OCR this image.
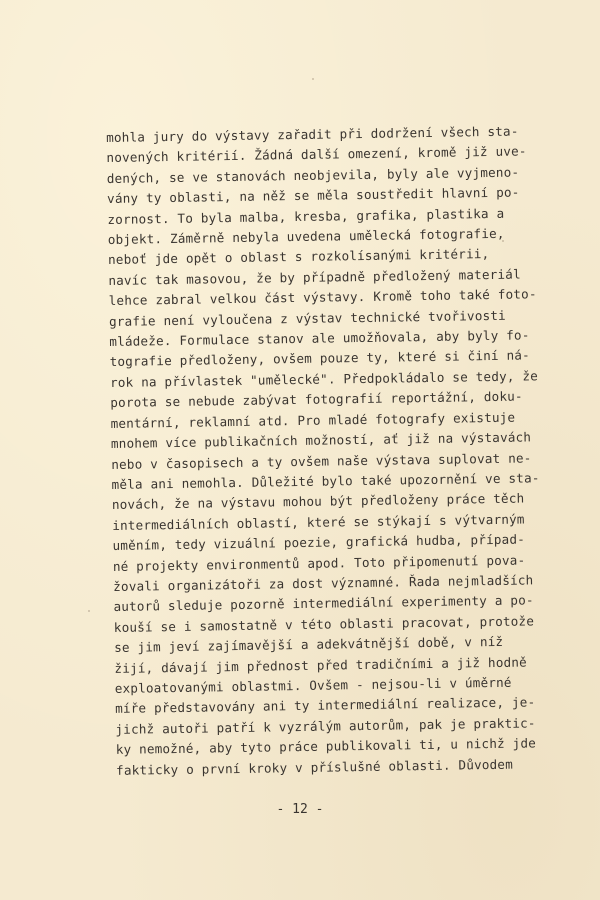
mohla jury do výstavy zařadit při dodržení všech sta-
novených kritérií. Žádná další omezení, kromě již uve-
dených, se ve stanovách neobjevila, byly ale vyjmeno-
vány ty oblasti, na něž se měla soustředit hlavní po-
zornost. To byla malba, kresba, grafika, plastika a
objekt. Záměrně nebyla uvedena umělecká fotografie,
neboť jde opět o oblast s rozkolísanými kritérii,
navíc tak masovou, že by případně předložený materiál
lehce zabral velkou část výstavy. Kromě toho také foto-
grafie není vyloučena z výstav technické tvořivosti
mládeže. Formulace stanov ale umožňovala, aby byly fo-
tografie předloženy, ovšem pouze ty, které si činí ná-
rok na přívlastek "umělecké". Předpokládalo se tedy, že
porota se nebude zabývat fotografií reportážní, doku-
mentární, reklamní atd. Pro mladé fotografy existuje
mnohem více publikačních možností, ať již na výstavách
nebo v časopisech a ty ovšem naše výstava suplovat ne-
měla ani nemohla. Důležité bylo také upozornění ve sta-
novách, že na výstavu mohou být předloženy práce těch
intermediálních oblastí, které se stýkají s výtvarným
uměním, tedy vizuální poezie, grafická hudba, případ-
né projekty environmentů apod. Toto připomenutí pova-
žovali organizátoři za dost významné. Řada nejmladších
autorů sleduje pozorně intermediální experimenty a po-
kouší se i samostatně v této oblasti pracovat, protože
se jim jeví zajímavější a adekvátnější době, v níž
žijí, dávají jim přednost před tradičními a již hodně
exploatovanými oblastmi. Ovšem - nejsou-li v úměrné
míře představovány ani ty intermediální realizace, je-
jichž autoři patří k vyzrálým autorům, pak je praktic-
ky nemožné, aby tyto práce publikovali ti, u nichž jde
fakticky o první kroky v příslušné oblasti. Důvodem
- 12 -
